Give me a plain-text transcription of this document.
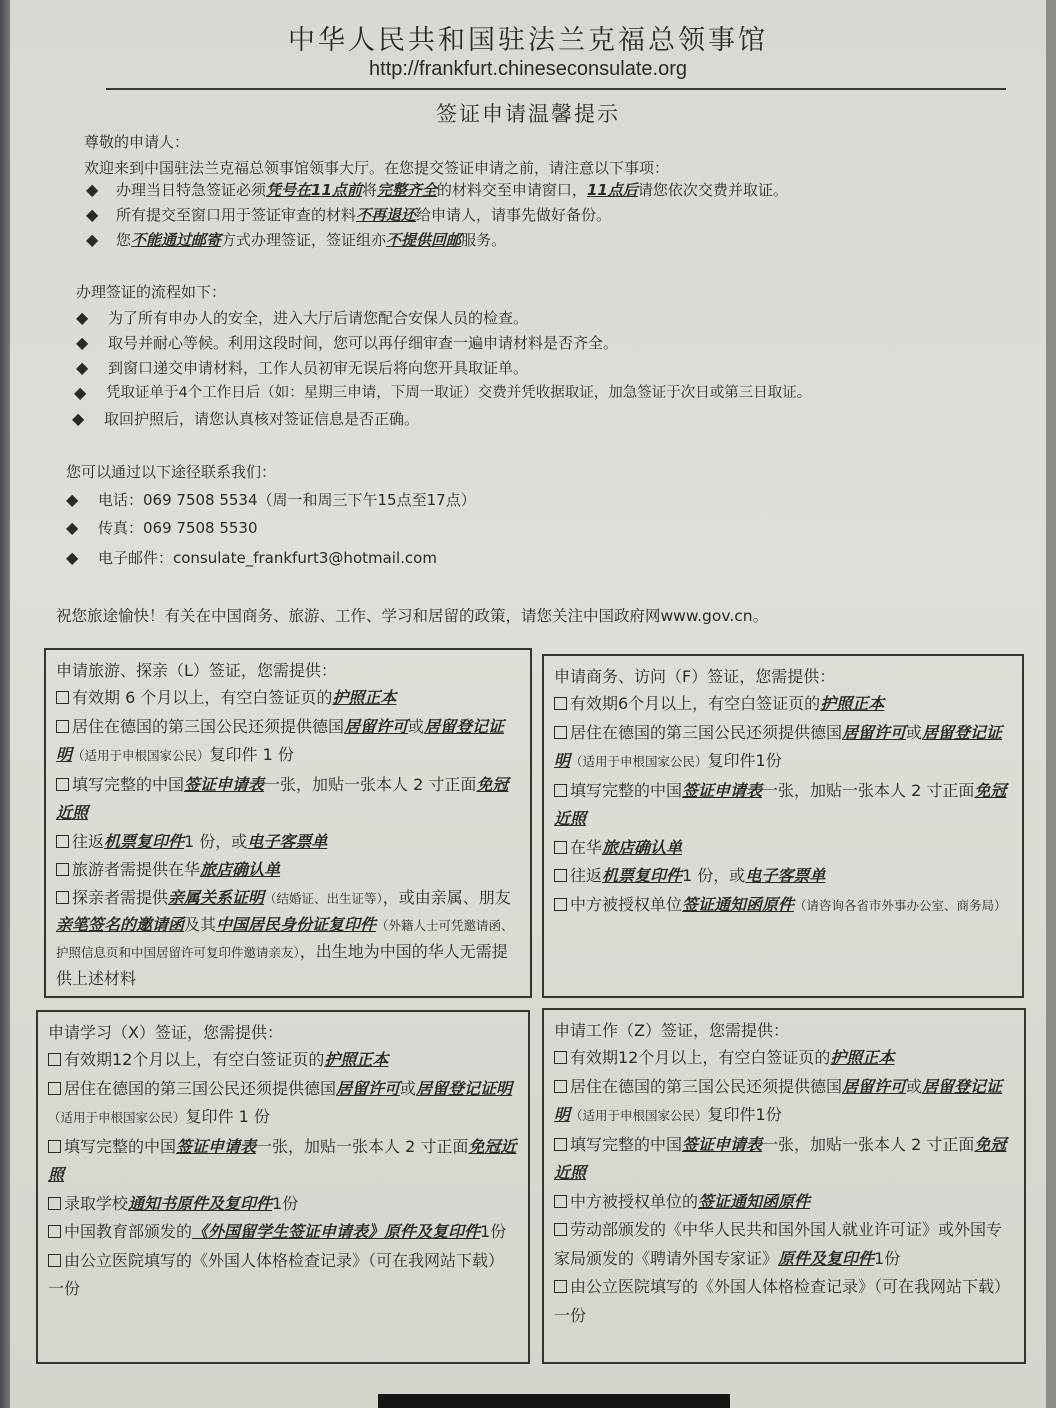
中华人民共和国驻法兰克福总领事馆
http://frankfurt.chineseconsulate.org
签证申请温馨提示
尊敬的申请人：
欢迎来到中国驻法兰克福总领事馆领事大厅。在您提交签证申请之前，请注意以下事项：
◆ 办理当日特急签证必须凭号在11点前将完整齐全的材料交至申请窗口，11点后请您依次交费并取证。
◆ 所有提交至窗口用于签证审查的材料不再退还给申请人，请事先做好备份。
◆ 您不能通过邮寄方式办理签证，签证组亦不提供回邮服务。
办理签证的流程如下：
◆ 为了所有申办人的安全，进入大厅后请您配合安保人员的检查。
◆ 取号并耐心等候。利用这段时间，您可以再仔细审查一遍申请材料是否齐全。
◆ 到窗口递交申请材料，工作人员初审无误后将向您开具取证单。
◆ 凭取证单于4个工作日后（如：星期三申请，下周一取证）交费并凭收据取证，加急签证于次日或第三日取证。
◆ 取回护照后，请您认真核对签证信息是否正确。
您可以通过以下途径联系我们：
◆ 电话：069 7508 5534（周一和周三下午15点至17点）
◆ 传真：069 7508 5530
◆ 电子邮件：consulate_frankfurt3@hotmail.com
祝您旅途愉快！有关在中国商务、旅游、工作、学习和居留的政策，请您关注中国政府网www.gov.cn。
申请旅游、探亲（L）签证，您需提供：
有效期 6 个月以上，有空白签证页的护照正本
居住在德国的第三国公民还须提供德国居留许可或居留登记证明（适用于申根国家公民）复印件 1 份
填写完整的中国签证申请表一张，加贴一张本人 2 寸正面免冠近照
往返机票复印件1 份，或电子客票单
旅游者需提供在华旅店确认单
探亲者需提供亲属关系证明（结婚证、出生证等），或由亲属、朋友亲笔签名的邀请函及其中国居民身份证复印件（外籍人士可凭邀请函、护照信息页和中国居留许可复印件邀请亲友），出生地为中国的华人无需提供上述材料
申请商务、访问（F）签证，您需提供：
有效期6个月以上，有空白签证页的护照正本
居住在德国的第三国公民还须提供德国居留许可或居留登记证明（适用于申根国家公民）复印件1份
填写完整的中国签证申请表一张，加贴一张本人 2 寸正面免冠近照
在华旅店确认单
往返机票复印件1 份，或电子客票单
中方被授权单位签证通知函原件（请咨询各省市外事办公室、商务局）
申请学习（X）签证，您需提供：
有效期12个月以上，有空白签证页的护照正本
居住在德国的第三国公民还须提供德国居留许可或居留登记证明（适用于申根国家公民）复印件 1 份
填写完整的中国签证申请表一张，加贴一张本人 2 寸正面免冠近照
录取学校通知书原件及复印件1份
中国教育部颁发的《外国留学生签证申请表》原件及复印件1份
由公立医院填写的《外国人体格检查记录》（可在我网站下载）一份
申请工作（Z）签证，您需提供：
有效期12个月以上，有空白签证页的护照正本
居住在德国的第三国公民还须提供德国居留许可或居留登记证明（适用于申根国家公民）复印件1份
填写完整的中国签证申请表一张，加贴一张本人 2 寸正面免冠近照
中方被授权单位的签证通知函原件
劳动部颁发的《中华人民共和国外国人就业许可证》或外国专家局颁发的《聘请外国专家证》原件及复印件1份
由公立医院填写的《外国人体格检查记录》（可在我网站下载）一份
